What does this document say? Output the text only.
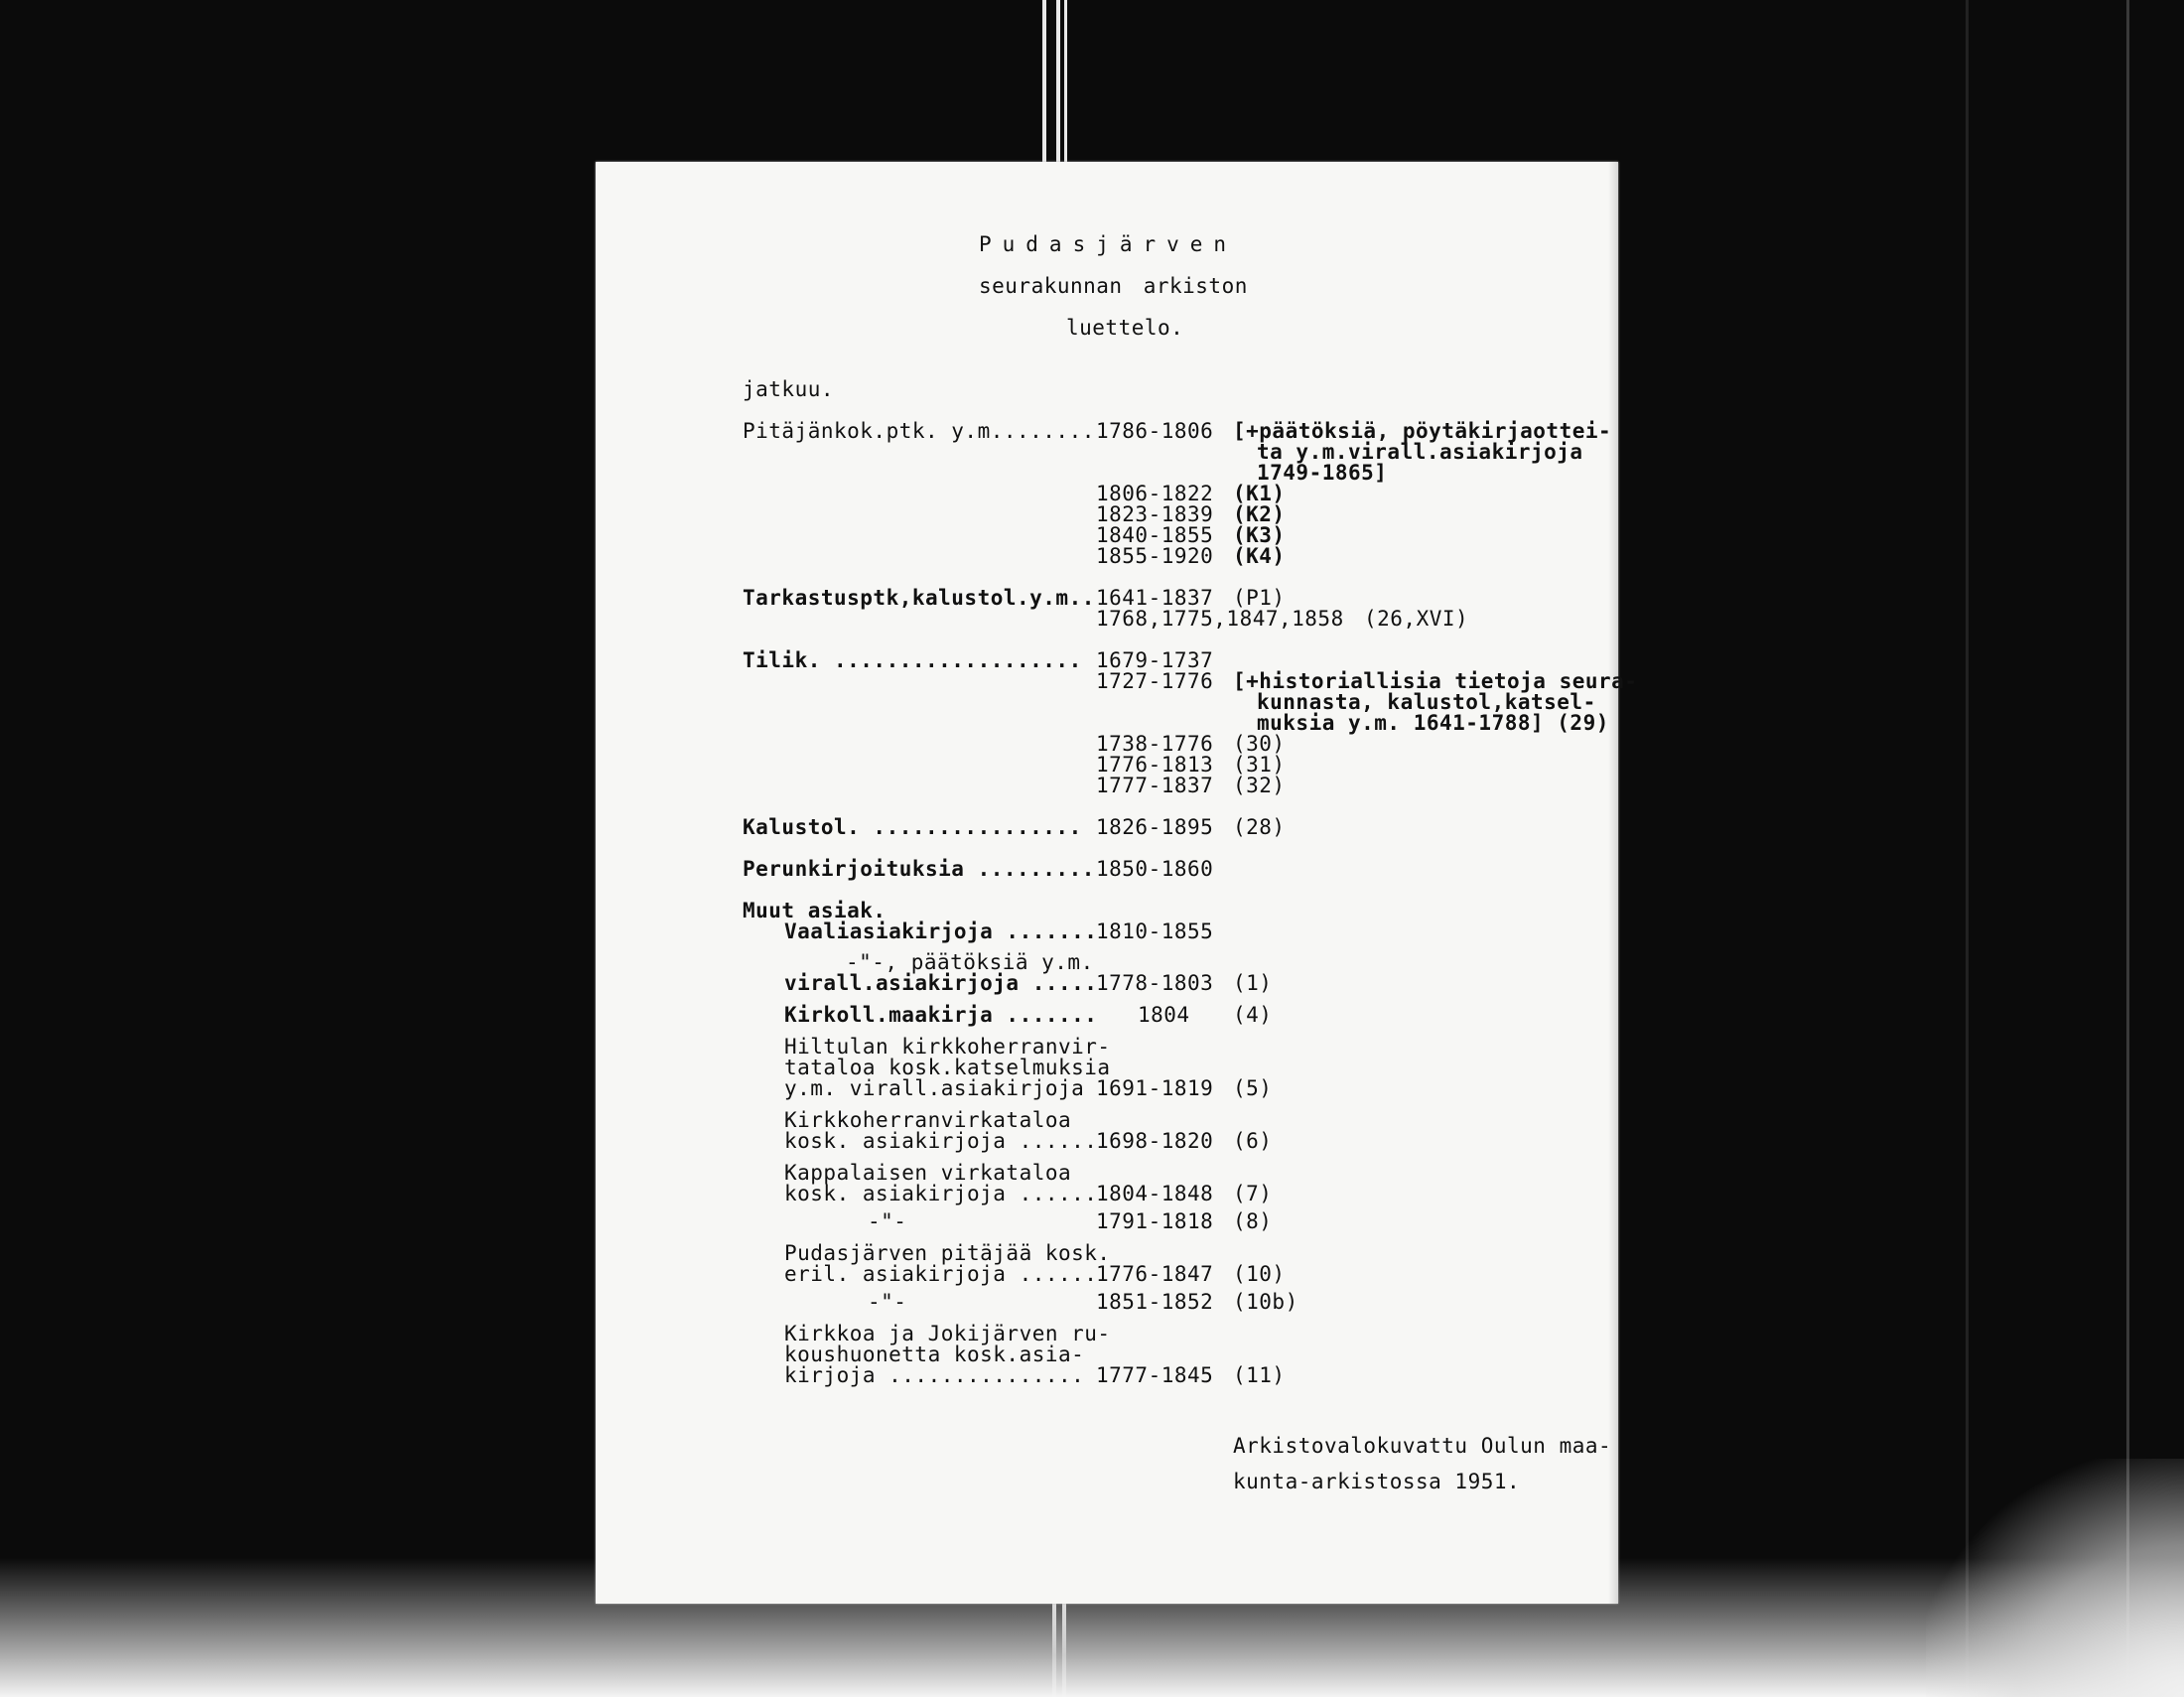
Pudasjärven
seurakunnan arkiston
luettelo.
jatkuu.
Pitäjänkok.ptk. y.m........ 1786-1806 [+päätöksiä, pöytäkirjaottei-
ta y.m.virall.asiakirjoja
1749-1865]
1806-1822 (K1)
1823-1839 (K2)
1840-1855 (K3)
1855-1920 (K4)
Tarkastusptk,kalustol.y.m.. 1641-1837 (P1)
1768,1775,1847,1858 (26,XVI)
Tilik. ................... 1679-1737
1727-1776 [+historiallisia tietoja seura-
kunnasta, kalustol,katsel-
muksia y.m. 1641-1788] (29)
1738-1776 (30)
1776-1813 (31)
1777-1837 (32)
Kalustol. ................ 1826-1895 (28)
Perunkirjoituksia ......... 1850-1860
Muut asiak.
Vaaliasiakirjoja .......
1810-1855
-"-, päätöksiä y.m.
virall.asiakirjoja .....
1778-1803 (1)
Kirkoll.maakirja ....... 1804 (4)
Hiltulan kirkkoherranvir-
tataloa kosk.katselmuksia
y.m. virall.asiakirjoja 1691-1819 (5)
Kirkkoherranvirkataloa
kosk. asiakirjoja ......
1698-1820 (6)
Kappalaisen virkataloa
kosk. asiakirjoja ......
1804-1848 (7)
-"-	1791-1818 (8)
Pudasjärven pitäjää kosk.
eril. asiakirjoja ......
1776-1847 (10)
-"-	1851-1852 (10b)
Kirkkoa ja Jokijärven ru-
koushuonetta kosk.asia-
kirjoja ............... 1777-1845 (11)
Arkistovalokuvattu Oulun maa-
kunta-arkistossa 1951.
